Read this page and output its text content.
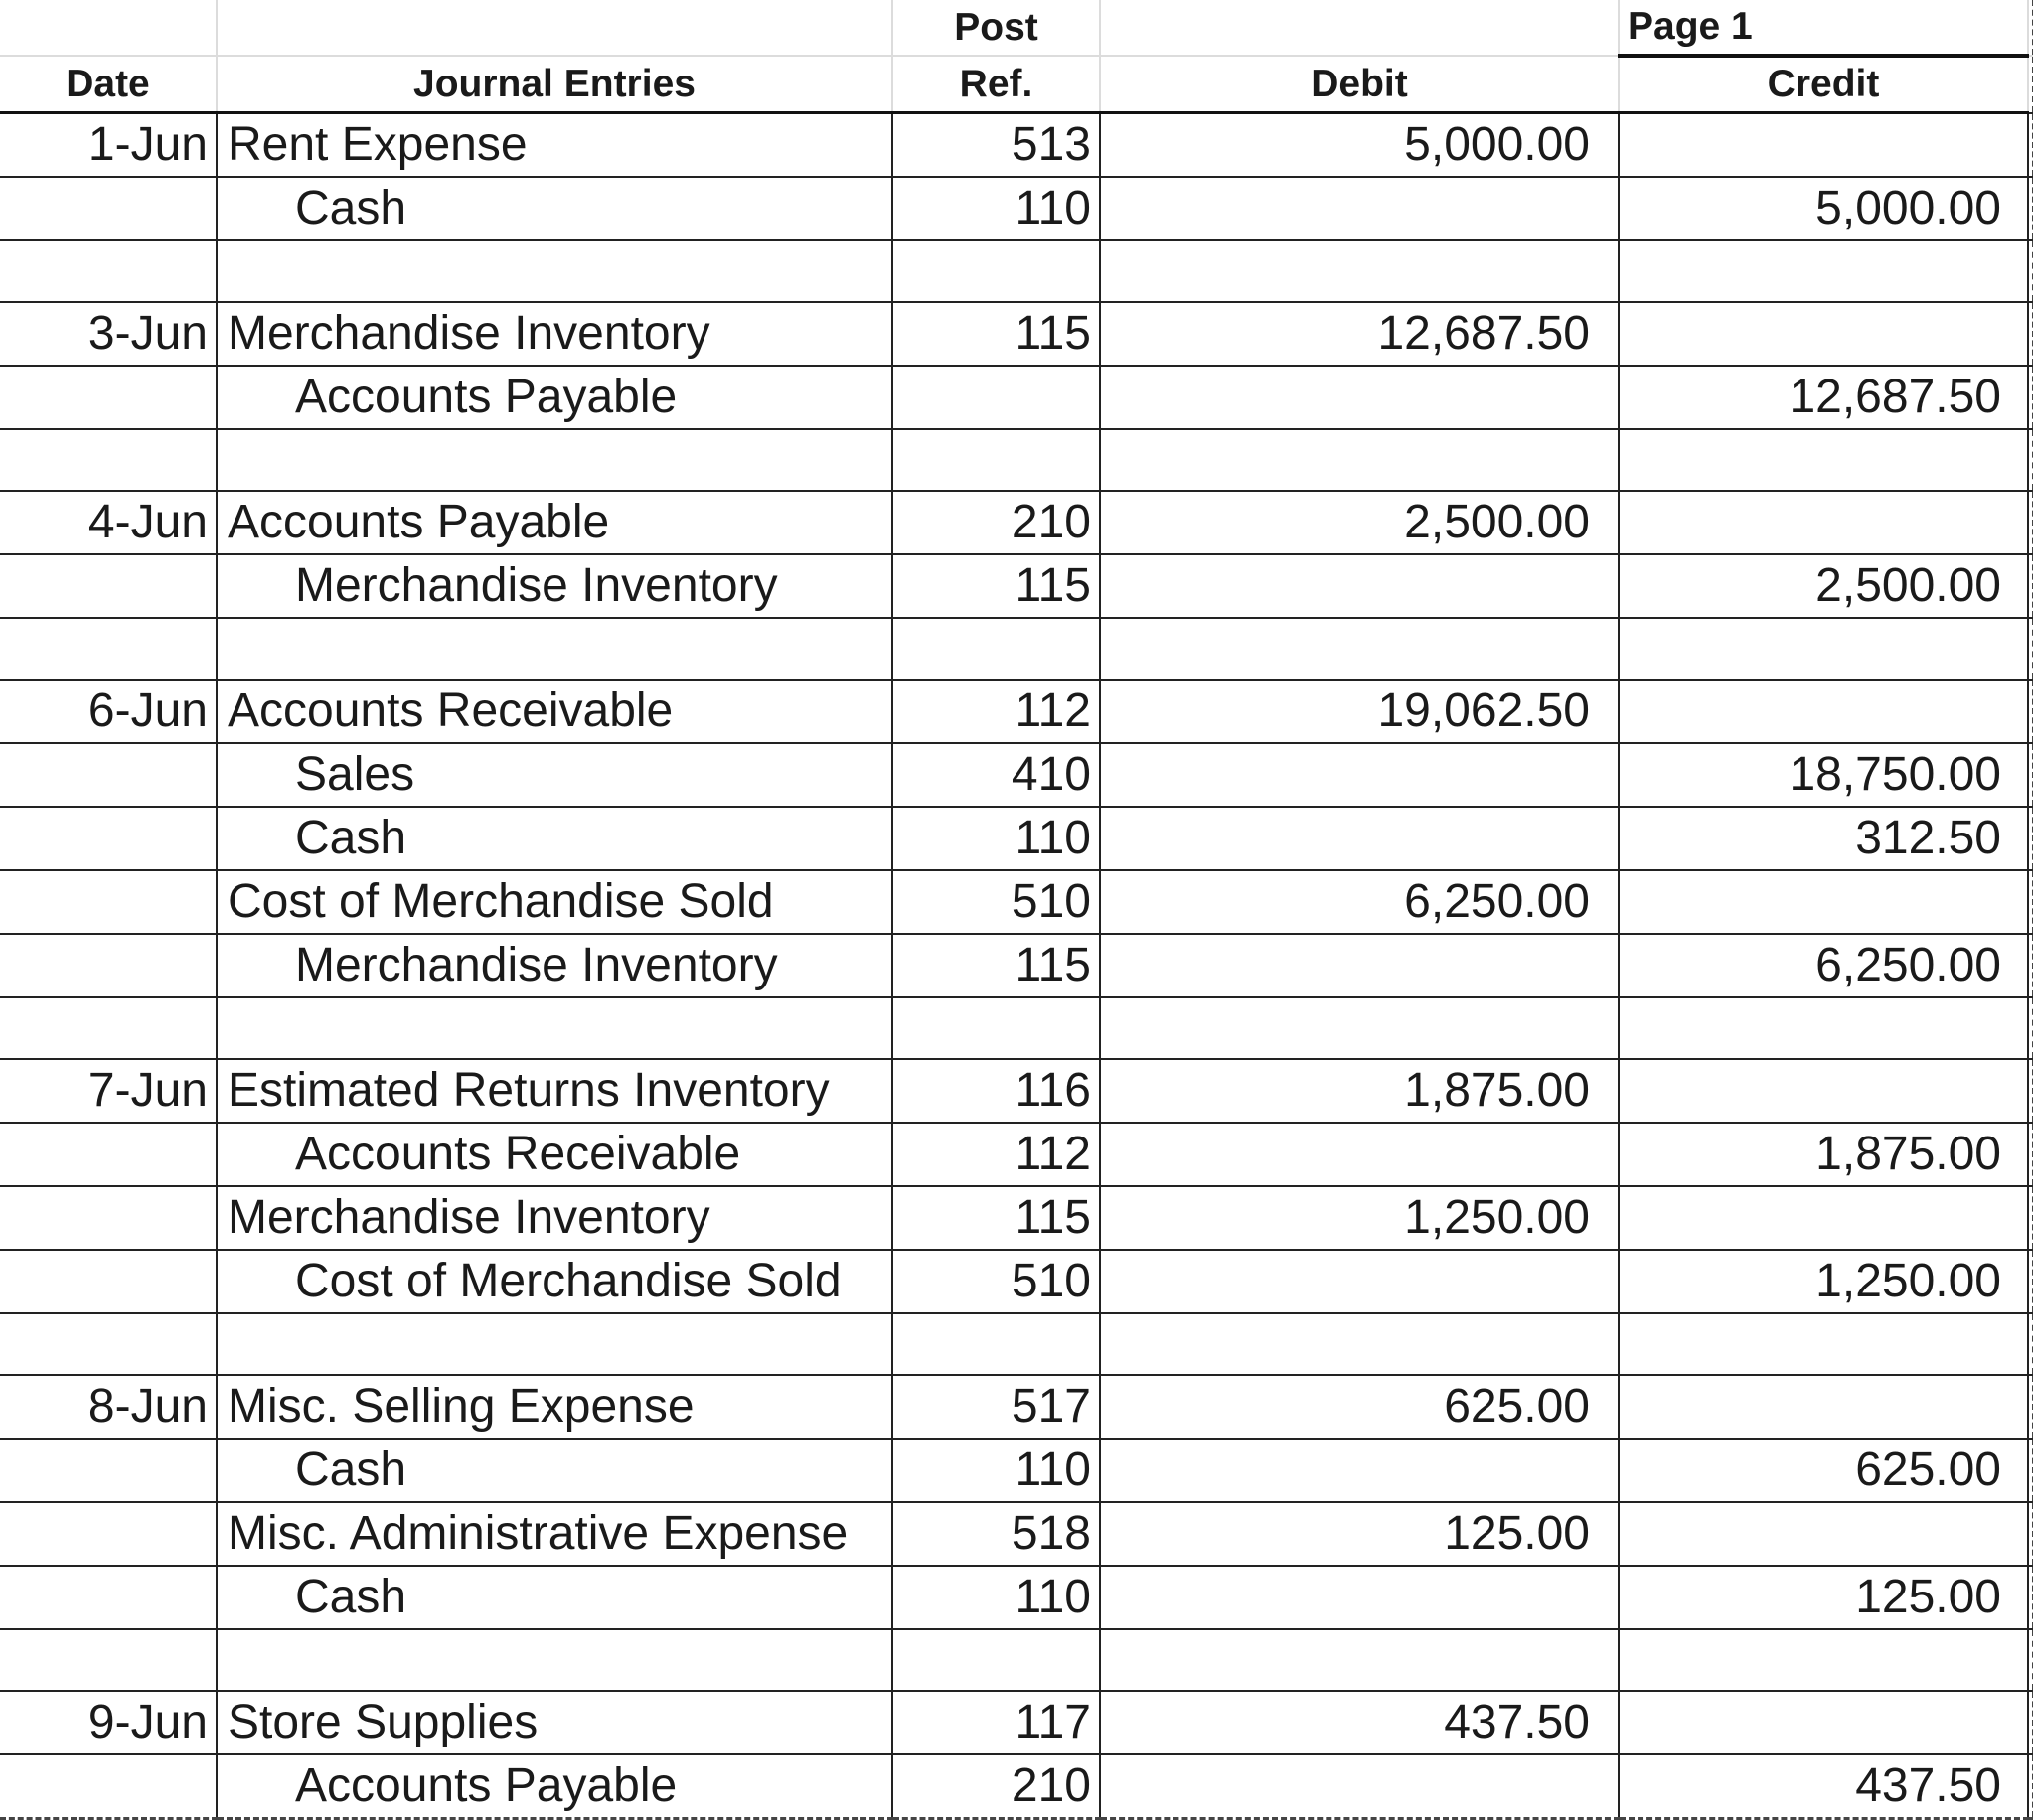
		Post		Page 1	
Date	Journal Entries	Ref.	Debit	Credit	
1-Jun	Rent Expense	513	5,000.00		
	Cash	110		5,000.00	

3-Jun	Merchandise Inventory	115	12,687.50		
	Accounts Payable			12,687.50	

4-Jun	Accounts Payable	210	2,500.00		
	Merchandise Inventory	115		2,500.00	

6-Jun	Accounts Receivable	112	19,062.50		
	Sales	410		18,750.00	
	Cash	110		312.50	
	Cost of Merchandise Sold	510	6,250.00		
	Merchandise Inventory	115		6,250.00	

7-Jun	Estimated Returns Inventory	116	1,875.00		
	Accounts Receivable	112		1,875.00	
	Merchandise Inventory	115	1,250.00		
	Cost of Merchandise Sold	510		1,250.00	

8-Jun	Misc. Selling Expense	517	625.00		
	Cash	110		625.00	
	Misc. Administrative Expense	518	125.00		
	Cash	110		125.00	

9-Jun	Store Supplies	117	437.50		
	Accounts Payable	210		437.50	
